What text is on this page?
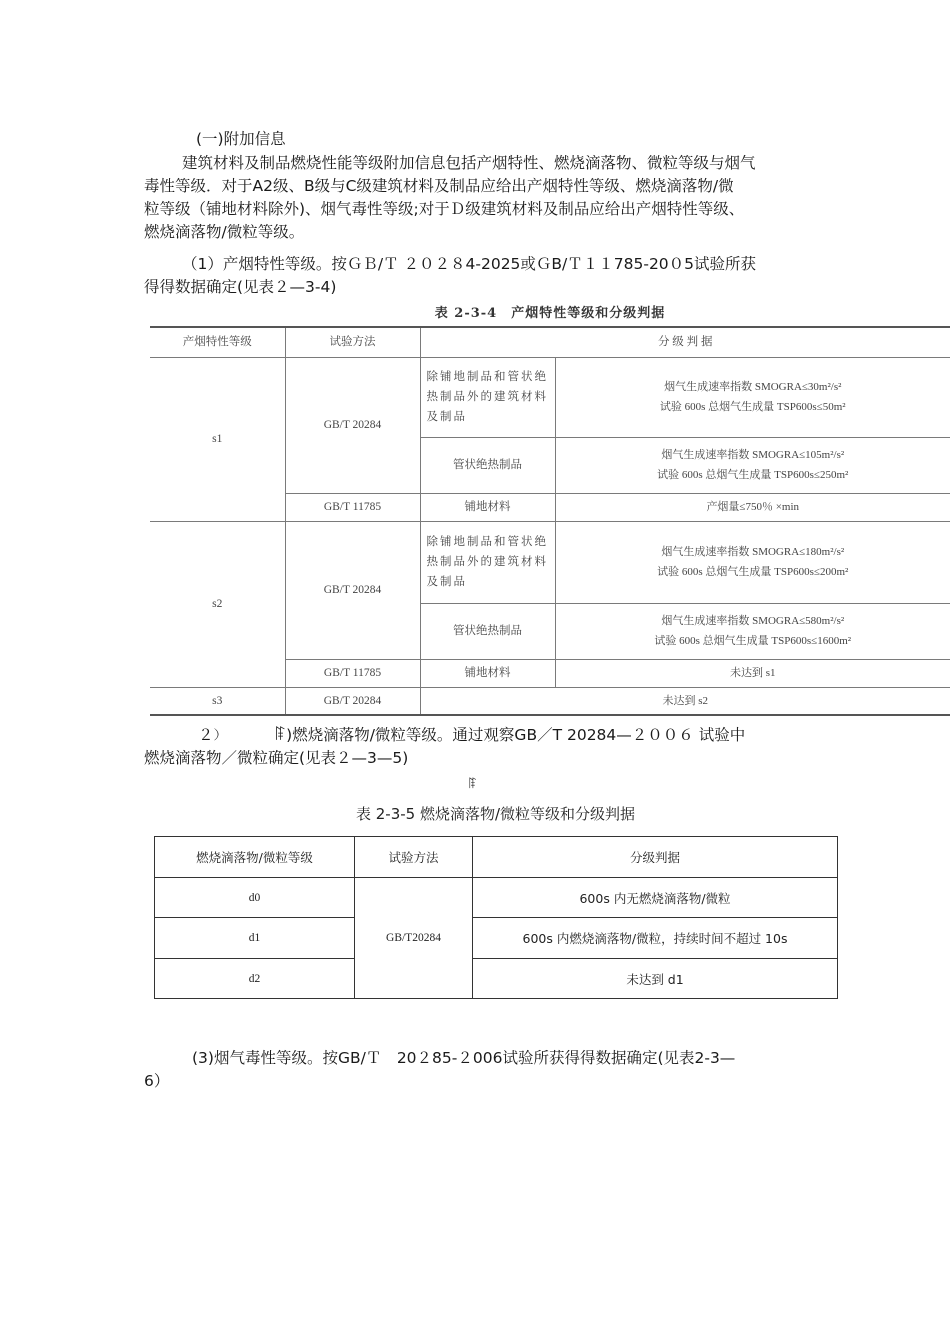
(一)附加信息

建筑材料及制品燃烧性能等级附加信息包括产烟特性、燃烧滴落物、微粒等级与烟气
毒性等级．对于A2级、B级与C级建筑材料及制品应给出产烟特性等级、燃烧滴落物/微
粒等级（铺地材料除外)、烟气毒性等级;对于Ｄ级建筑材料及制品应给出产烟特性等级、
燃烧滴落物/微粒等级。
（1）产烟特性等级。按ＧＢ/Ｔ ２０２８4-2025或ＧB/Ｔ１１785-20０5试验所获
得得数据确定(见表２—3-4)
表 2-3-4　产烟特性等级和分级判据
产烟特性等级	试验方法	分 级 判 据	
s1	GB/T 20284	除铺地制品和管状绝热制品外的建筑材料及制品	烟气生成速率指数 SMOGRA≤30m²/s²
试验 600s 总烟气生成量 TSP600s≤50m²

		管状绝热制品	烟气生成速率指数 SMOGRA≤105m²/s²
试验 600s 总烟气生成量 TSP600s≤250m²

	GB/T 11785	铺地材料	产烟量≤750％ ×min
s2	GB/T 20284	除铺地制品和管状绝热制品外的建筑材料及制品	烟气生成速率指数 SMOGRA≤180m²/s²
试验 600s 总烟气生成量 TSP600s≤200m²

		管状绝热制品	烟气生成速率指数 SMOGRA≤580m²/s²
试验 600s 总烟气生成量 TSP600s≤1600m²

	GB/T 11785	铺地材料	未达到 s1
s3	GB/T 20284	未达到 s2	
２）　　　　ꁹ)燃烧滴落物/微粒等级。通过观察GB／T 20284—２００６ 试验中
燃烧滴落物／微粒确定(见表２—3—5)
ꁹ
表 2-3-5 燃烧滴落物/微粒等级和分级判据
燃烧滴落物/微粒等级	试验方法	分级判据
d0	GB/T20284	600s 内无燃烧滴落物/微粒
d1		600s 内燃烧滴落物/微粒，持续时间不超过 10s
d2		未达到 d1
(3)烟气毒性等级。按GB/Ｔ　20２85-２006试验所获得得数据确定(见表2-3—
6）
